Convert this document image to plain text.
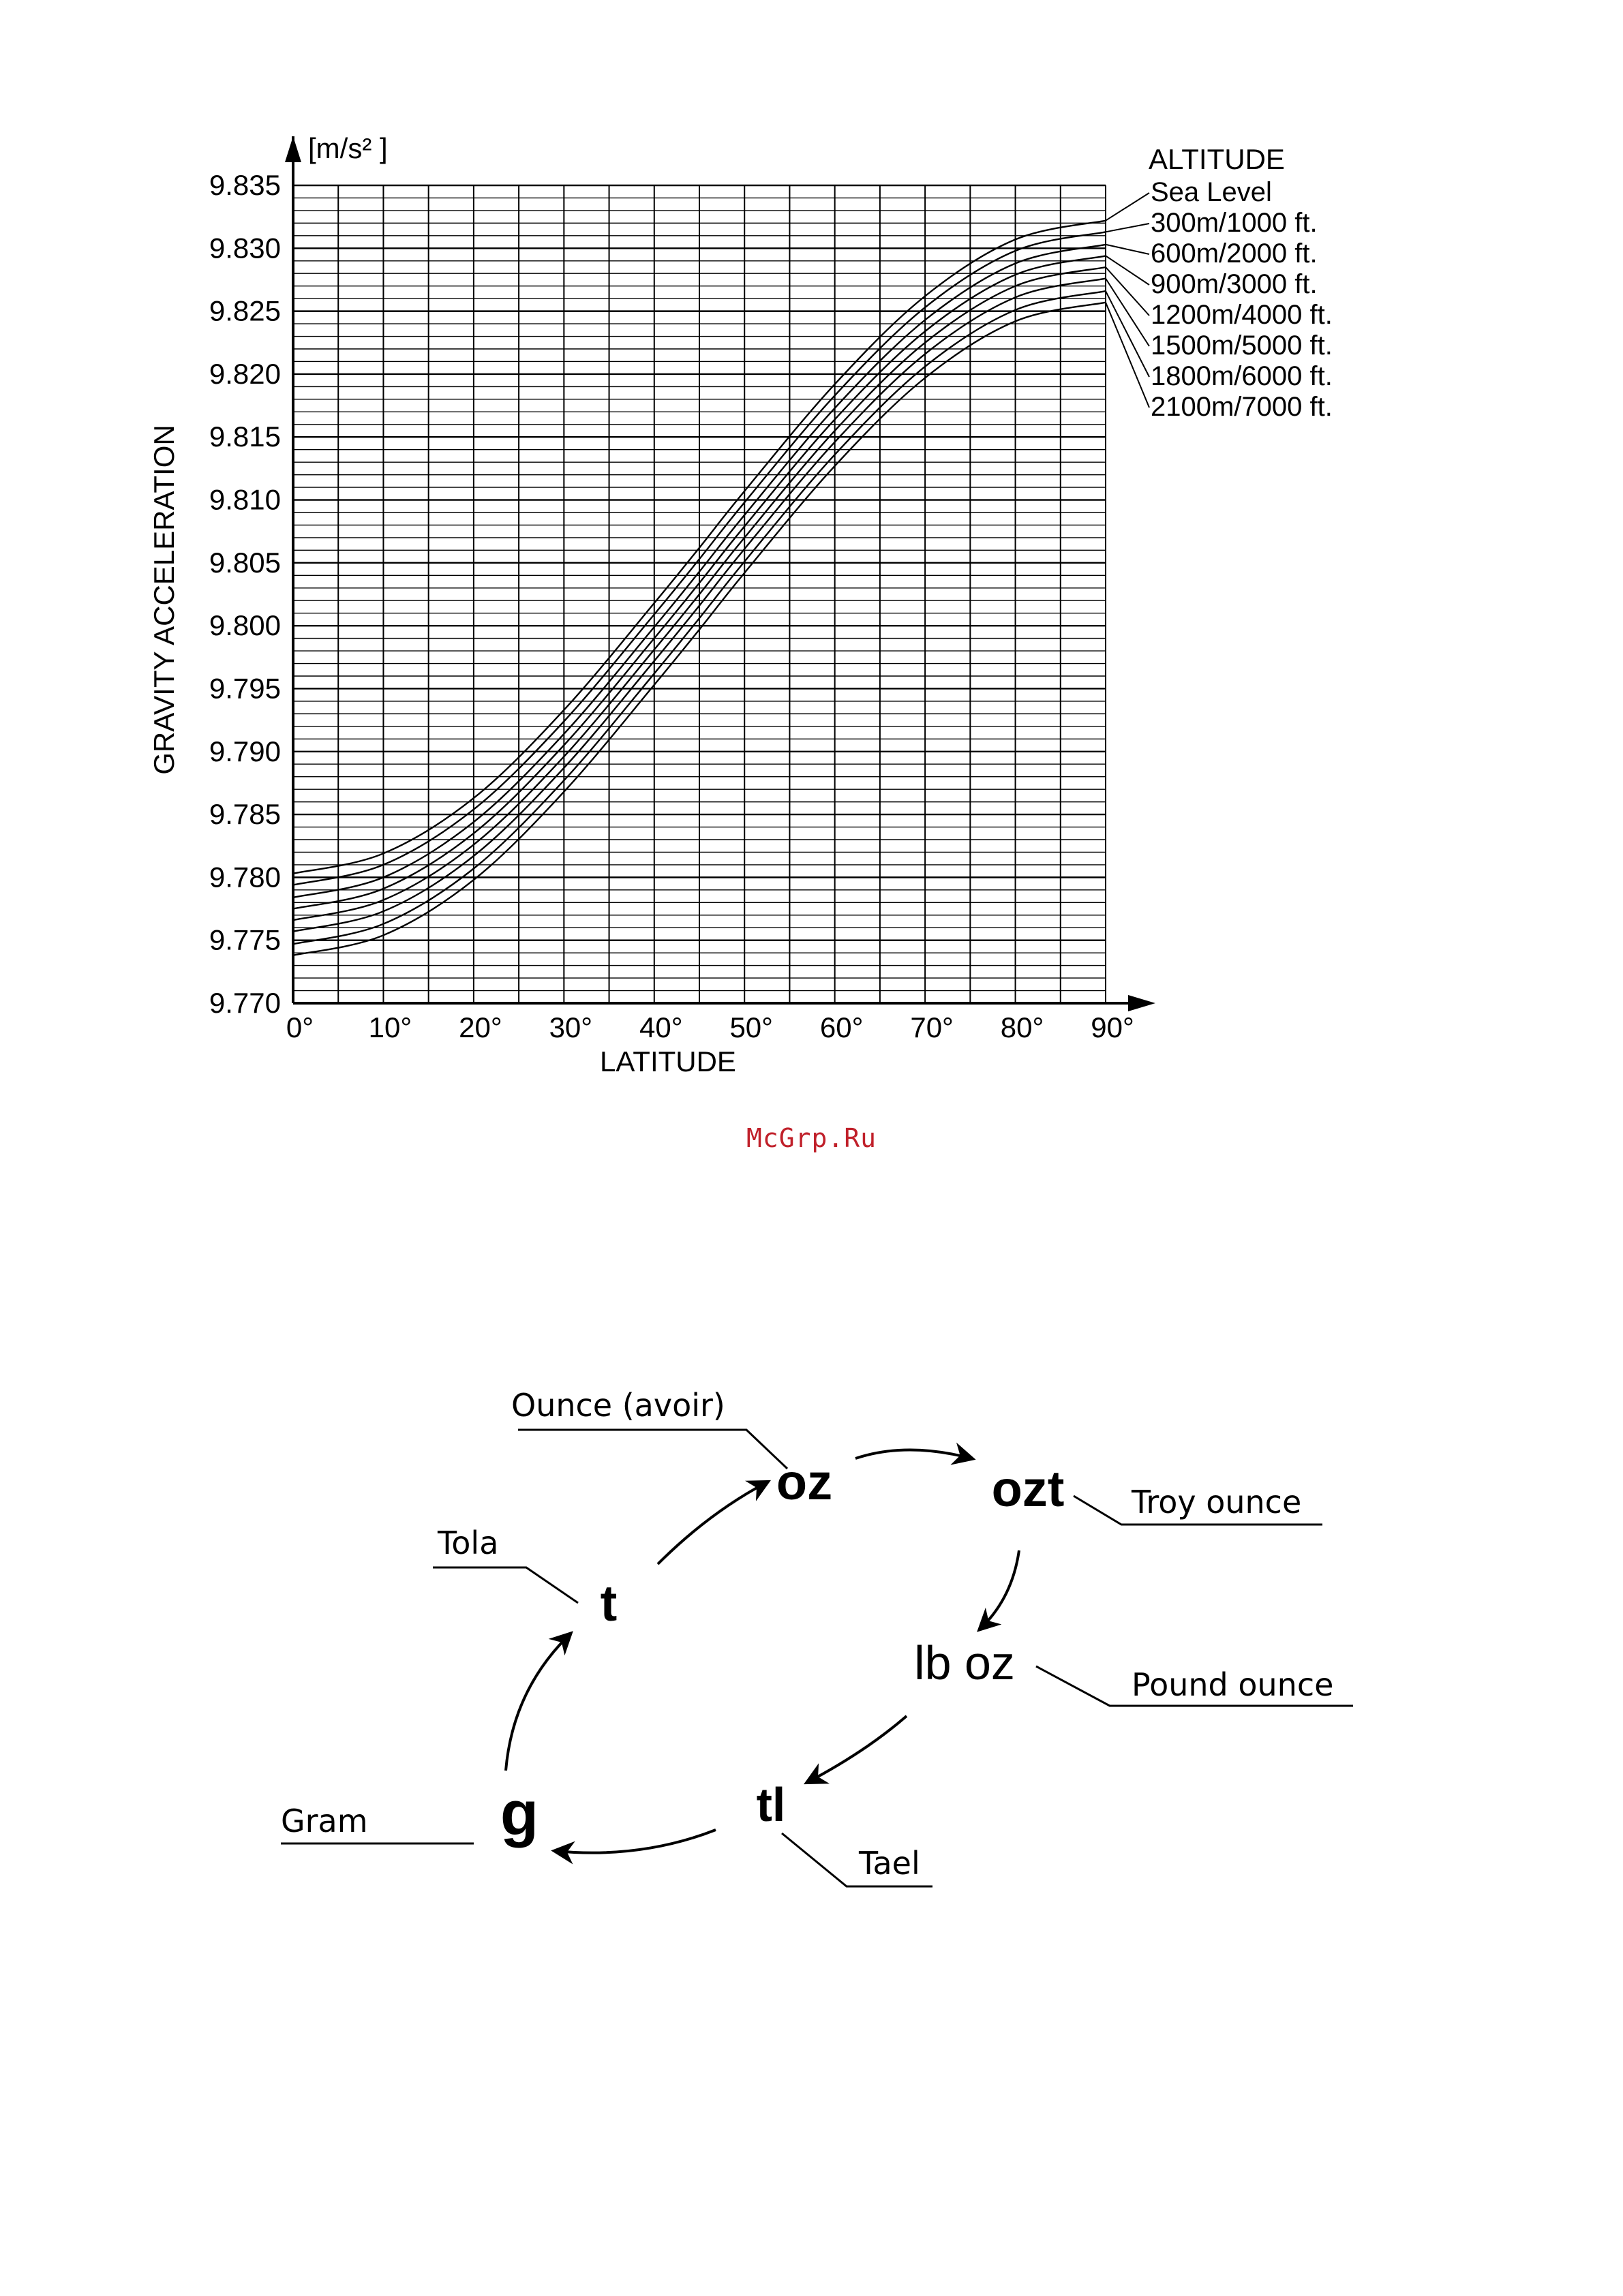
9.770
9.775
9.780
9.785
9.790
9.795
9.800
9.805
9.810
9.815
9.820
9.825
9.830
9.835
0° 10° 20° 30° 40° 50° 60° 70° 80° 90°
ALTITUDE
Sea Level
300m/1000 ft.
600m/2000 ft.
900m/3000 ft.
1200m/4000 ft.
1500m/5000 ft.
1800m/6000 ft.
2100m/7000 ft.
[m/s² ]
LATITUDE
GRAVITY ACCELERATION
McGrp.Ru
oz	ozt
lb oz
tl
g
t
Ounce (avoir)
Troy ounce
Pound ounce
Tael
Gram
Tola
